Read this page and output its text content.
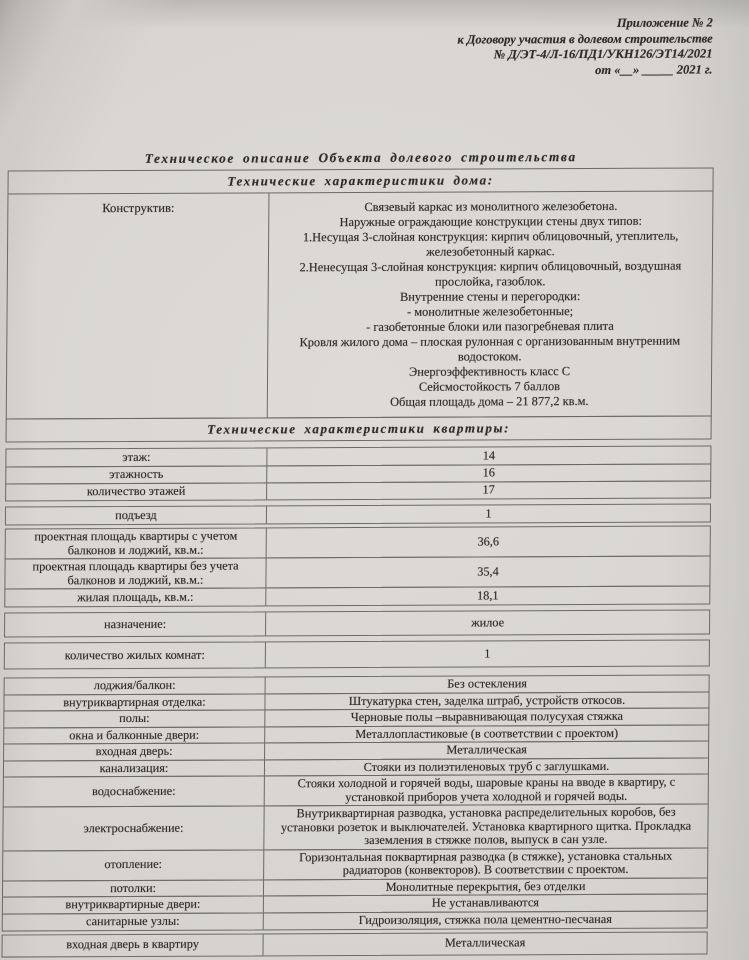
Приложение № 2
к Договору участия в долевом строительстве
№ Д/ЭТ-4/Л-16/ПД1/УКН126/ЭТ14/2021
от «__» _____ 2021 г.
Техническое описание Объекта долевого строительства
Технические характеристики дома:
Конструктив:	Связевый каркас из монолитного железобетона.
Наружные ограждающие конструкции стены двух типов:
1.Несущая 3-слойная конструкция: кирпич облицовочный, утеплитель,
железобетонный каркас.
2.Ненесущая 3-слойная конструкция: кирпич облицовочный, воздушная
прослойка, газоблок.
Внутренние стены и перегородки:
- монолитные железобетонные;
- газобетонные блоки или пазогребневая плита
Кровля жилого дома – плоская рулонная с организованным внутренним
водостоком.
Энергоэффективность класс С
Сейсмостойкость 7 баллов
Общая площадь дома – 21 877,2 кв.м.
Технические характеристики квартиры:
этаж:	14
этажность	16
количество этажей	17
подъезд	1
проектная площадь квартиры с учетом балконов и лоджий, кв.м.:
36,6
проектная площадь квартиры без учета балконов и лоджий, кв.м.:
35,4
жилая площадь, кв.м.:	18,1
назначение:	жилое
количество жилых комнат:	1
лоджия/балкон:	Без остекления
внутриквартирная отделка:	Штукатурка стен, заделка штраб, устройств откосов.
полы:	Черновые полы –выравнивающая полусухая стяжка
окна и балконные двери:	Металлопластиковые (в соответствии с проектом)
входная дверь:	Металлическая
канализация:	Стояки из полиэтиленовых труб с заглушками.
водоснабжение:
Стояки холодной и горячей воды, шаровые краны на вводе в квартиру, с установкой приборов учета холодной и горячей воды.
электроснабжение:
Внутриквартирная разводка, установка распределительных коробов, без установки розеток и выключателей. Установка квартирного щитка. Прокладка заземления в стяжке полов, выпуск в сан узле.
отопление:
Горизонтальная поквартирная разводка (в стяжке), установка стальных радиаторов (конвекторов). В соответствии с проектом.
потолки:	Монолитные перекрытия, без отделки
внутриквартирные двери:	Не устанавливаются
санитарные узлы:	Гидроизоляция, стяжка пола цементно-песчаная
входная дверь в квартиру	Металлическая
